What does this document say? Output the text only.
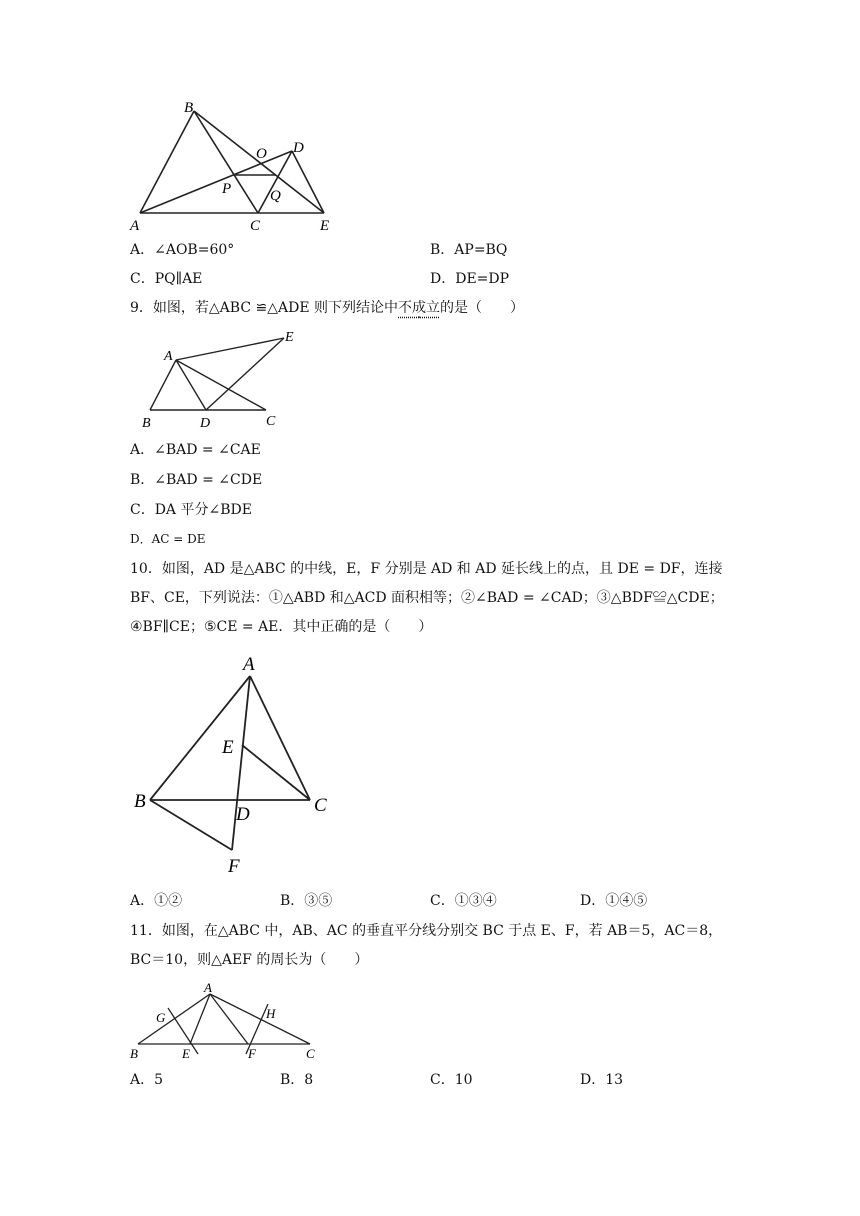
B
O D
P	Q
A	C	E
A．∠AOB=60°	B．AP=BQ
C．PQ∥AE	D．DE=DP
9．如图，若△ABC ≌△ADE 则下列结论中不成立的是（　　）
A
E
B	D	C
A．∠BAD = ∠CAE
B．∠BAD = ∠CDE
C．DA 平分∠BDE
D．AC = DE
10．如图，AD 是△ABC 的中线，E，F 分别是 AD 和 AD 延长线上的点，且 DE = DF，连接
BF、CE，下列说法：①△ABD 和△ACD 面积相等；②∠BAD = ∠CAD；③△BDF≌△CDE；
④BF∥CE；⑤CE = AE．其中正确的是（　　）
A
E
B
D	C
F
A．①②	B．③⑤	C．①③④	D．①④⑤
11．如图，在△ABC 中，AB、AC 的垂直平分线分别交 BC 于点 E、F，若 AB＝5，AC＝8，
BC＝10，则△AEF 的周长为（　　）
A
G	H
B	E	F	C
A．5	B．8	C．10	D．13
